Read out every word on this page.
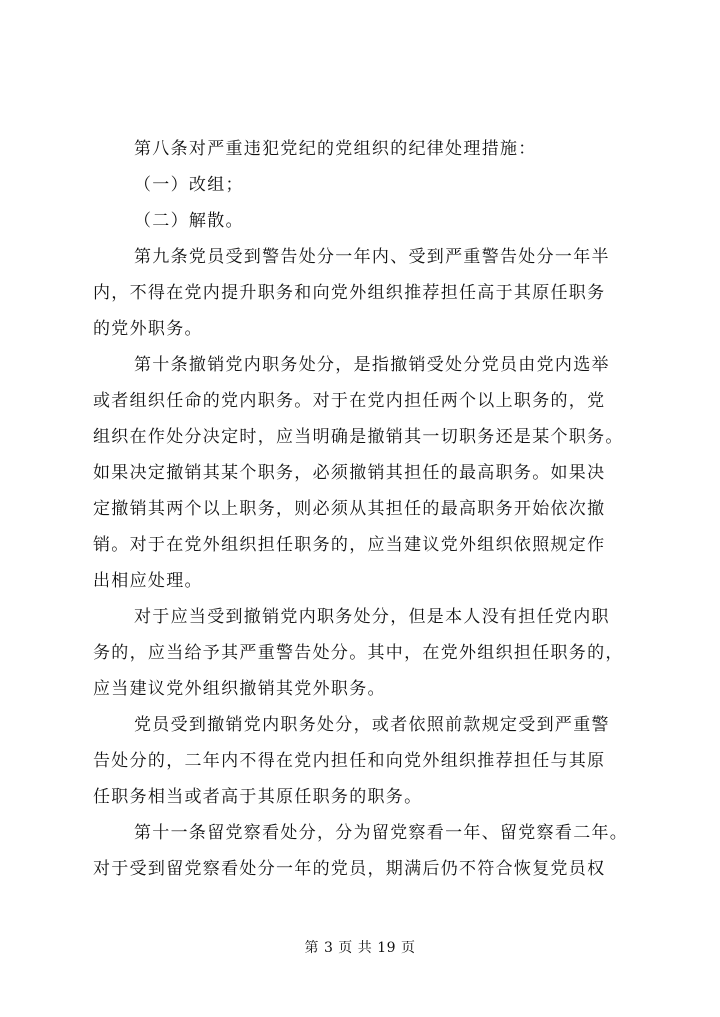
第八条对严重违犯党纪的党组织的纪律处理措施：
（一）改组；
（二）解散。
第九条党员受到警告处分一年内、受到严重警告处分一年半
内，不得在党内提升职务和向党外组织推荐担任高于其原任职务
的党外职务。
第十条撤销党内职务处分，是指撤销受处分党员由党内选举
或者组织任命的党内职务。对于在党内担任两个以上职务的，党
组织在作处分决定时，应当明确是撤销其一切职务还是某个职务。
如果决定撤销其某个职务，必须撤销其担任的最高职务。如果决
定撤销其两个以上职务，则必须从其担任的最高职务开始依次撤
销。对于在党外组织担任职务的，应当建议党外组织依照规定作
出相应处理。
对于应当受到撤销党内职务处分，但是本人没有担任党内职
务的，应当给予其严重警告处分。其中，在党外组织担任职务的，
应当建议党外组织撤销其党外职务。
党员受到撤销党内职务处分，或者依照前款规定受到严重警
告处分的，二年内不得在党内担任和向党外组织推荐担任与其原
任职务相当或者高于其原任职务的职务。
第十一条留党察看处分，分为留党察看一年、留党察看二年。
对于受到留党察看处分一年的党员，期满后仍不符合恢复党员权
第 3 页 共 19 页
